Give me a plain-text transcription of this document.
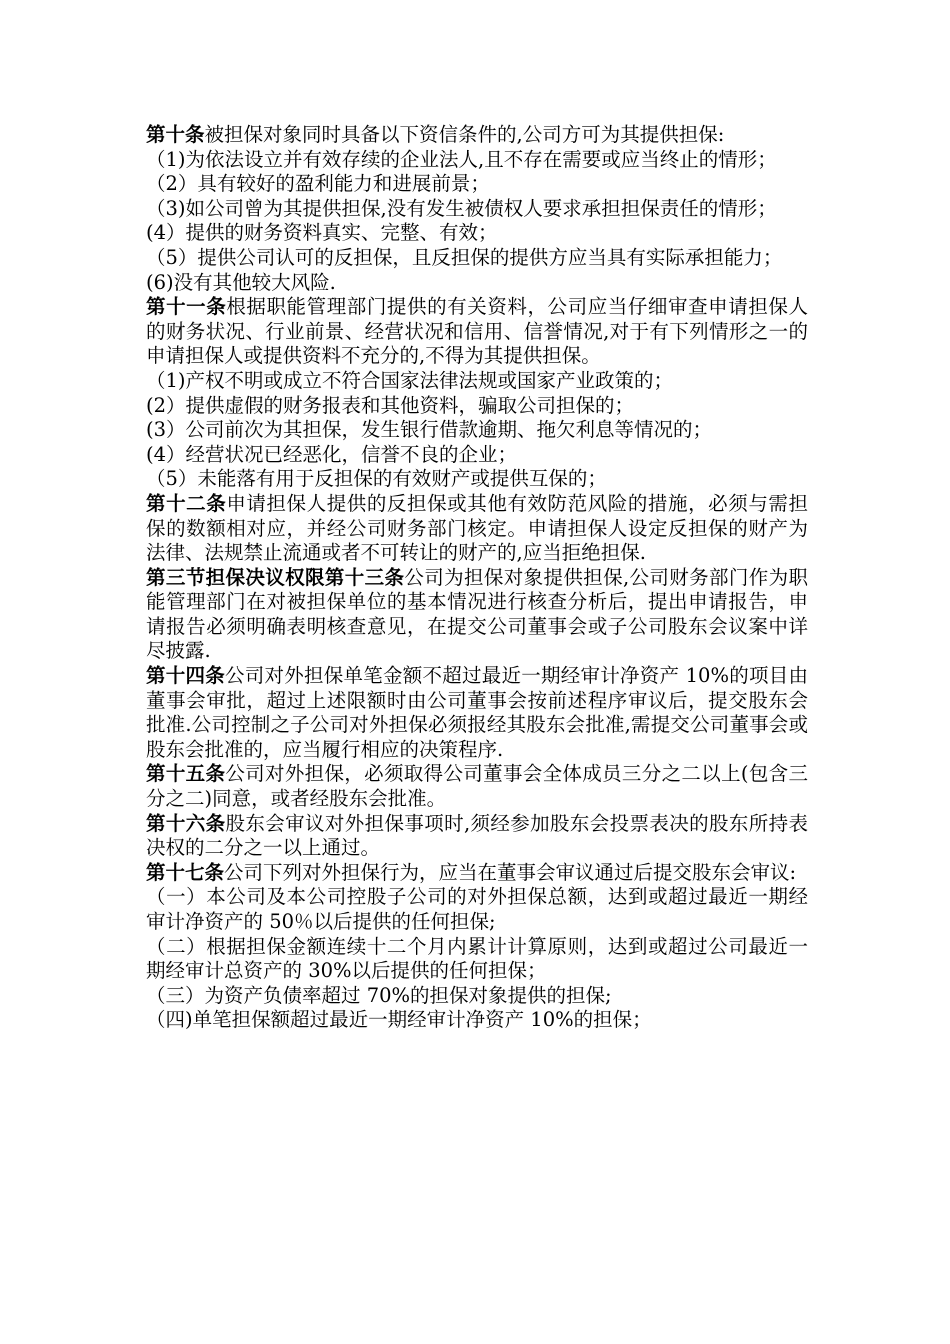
第十条被担保对象同时具备以下资信条件的,公司方可为其提供担保:

（1)为依法设立并有效存续的企业法人,且不存在需要或应当终止的情形；

（2）具有较好的盈利能力和进展前景；

（3)如公司曾为其提供担保,没有发生被债权人要求承担担保责任的情形；

(4）提供的财务资料真实、完整、有效；

（5）提供公司认可的反担保，且反担保的提供方应当具有实际承担能力；

(6)没有其他较大风险.

第十一条根据职能管理部门提供的有关资料，公司应当仔细审查申请担保人的财务状况、行业前景、经营状况和信用、信誉情况,对于有下列情形之一的申请担保人或提供资料不充分的,不得为其提供担保。

（1)产权不明或成立不符合国家法律法规或国家产业政策的；

(2）提供虚假的财务报表和其他资料，骗取公司担保的；

(3）公司前次为其担保，发生银行借款逾期、拖欠利息等情况的；

(4）经营状况已经恶化，信誉不良的企业；

（5）未能落有用于反担保的有效财产或提供互保的；

第十二条申请担保人提供的反担保或其他有效防范风险的措施，必须与需担保的数额相对应，并经公司财务部门核定。申请担保人设定反担保的财产为法律、法规禁止流通或者不可转让的财产的,应当拒绝担保.

第三节担保决议权限第十三条公司为担保对象提供担保,公司财务部门作为职能管理部门在对被担保单位的基本情况进行核查分析后，提出申请报告，申请报告必须明确表明核查意见，在提交公司董事会或子公司股东会议案中详尽披露.

第十四条公司对外担保单笔金额不超过最近一期经审计净资产 10%的项目由董事会审批，超过上述限额时由公司董事会按前述程序审议后，提交股东会批准.公司控制之子公司对外担保必须报经其股东会批准,需提交公司董事会或股东会批准的，应当履行相应的决策程序.

第十五条公司对外担保，必须取得公司董事会全体成员三分之二以上(包含三分之二)同意，或者经股东会批准。

第十六条股东会审议对外担保事项时,须经参加股东会投票表决的股东所持表决权的二分之一以上通过。

第十七条公司下列对外担保行为，应当在董事会审议通过后提交股东会审议:

（一）本公司及本公司控股子公司的对外担保总额，达到或超过最近一期经审计净资产的 50％以后提供的任何担保;

（二）根据担保金额连续十二个月内累计计算原则，达到或超过公司最近一期经审计总资产的 30%以后提供的任何担保；

（三）为资产负债率超过 70%的担保对象提供的担保;

（四)单笔担保额超过最近一期经审计净资产 10%的担保；
